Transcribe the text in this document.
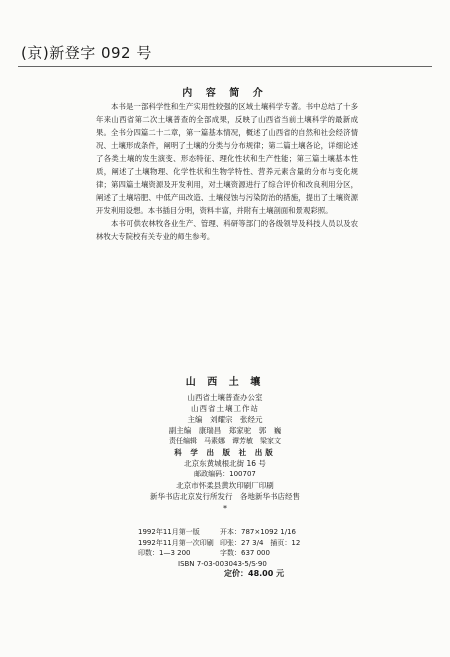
(京)新登字 092 号
内 容 简 介

本书是一部科学性和生产实用性较强的区域土壤科学专著。书中总结了十多年来山西省第二次土壤普查的全部成果，反映了山西省当前土壤科学的最新成果。全书分四篇二十二章，第一篇基本情况，概述了山西省的自然和社会经济情况、土壤形成条件，阐明了土壤的分类与分布规律；第二篇土壤各论，详细论述了各类土壤的发生演变、形态特征、理化性状和生产性能；第三篇土壤基本性质，阐述了土壤物理、化学性状和生物学特性、营养元素含量的分布与变化规律；第四篇土壤资源及开发利用，对土壤资源进行了综合评价和改良利用分区，阐述了土壤培肥、中低产田改造、土壤侵蚀与污染防治的措施，提出了土壤资源开发利用设想。本书插目分明，资料丰富，并附有土壤剖面和景观彩照。

本书可供农林牧各业生产、管理、科研等部门的各级领导及科技人员以及农林牧大专院校有关专业的师生参考。

山 西 土 壤
山西省土壤普查办公室
山西省土壤工作站
主编　刘耀宗　张经元
副主编　康瑞昌　郑家驼　郭　巍
责任编辑　马素娜　谭芳敏　梁家文
科 学 出 版 社 出版
北京东黄城根北街 16 号
邮政编码：100707
北京市怀柔县黄坎印刷厂印刷
新华书店北京发行所发行　各地新华书店经售
*
1992年11月第一版	开本：787×1092 1/16
1992年11月第一次印刷 印张：27 3/4　插页：12
印数：1—3 200	字数：637 000
ISBN 7-03-003043-5/S·90
定价：48.00 元
